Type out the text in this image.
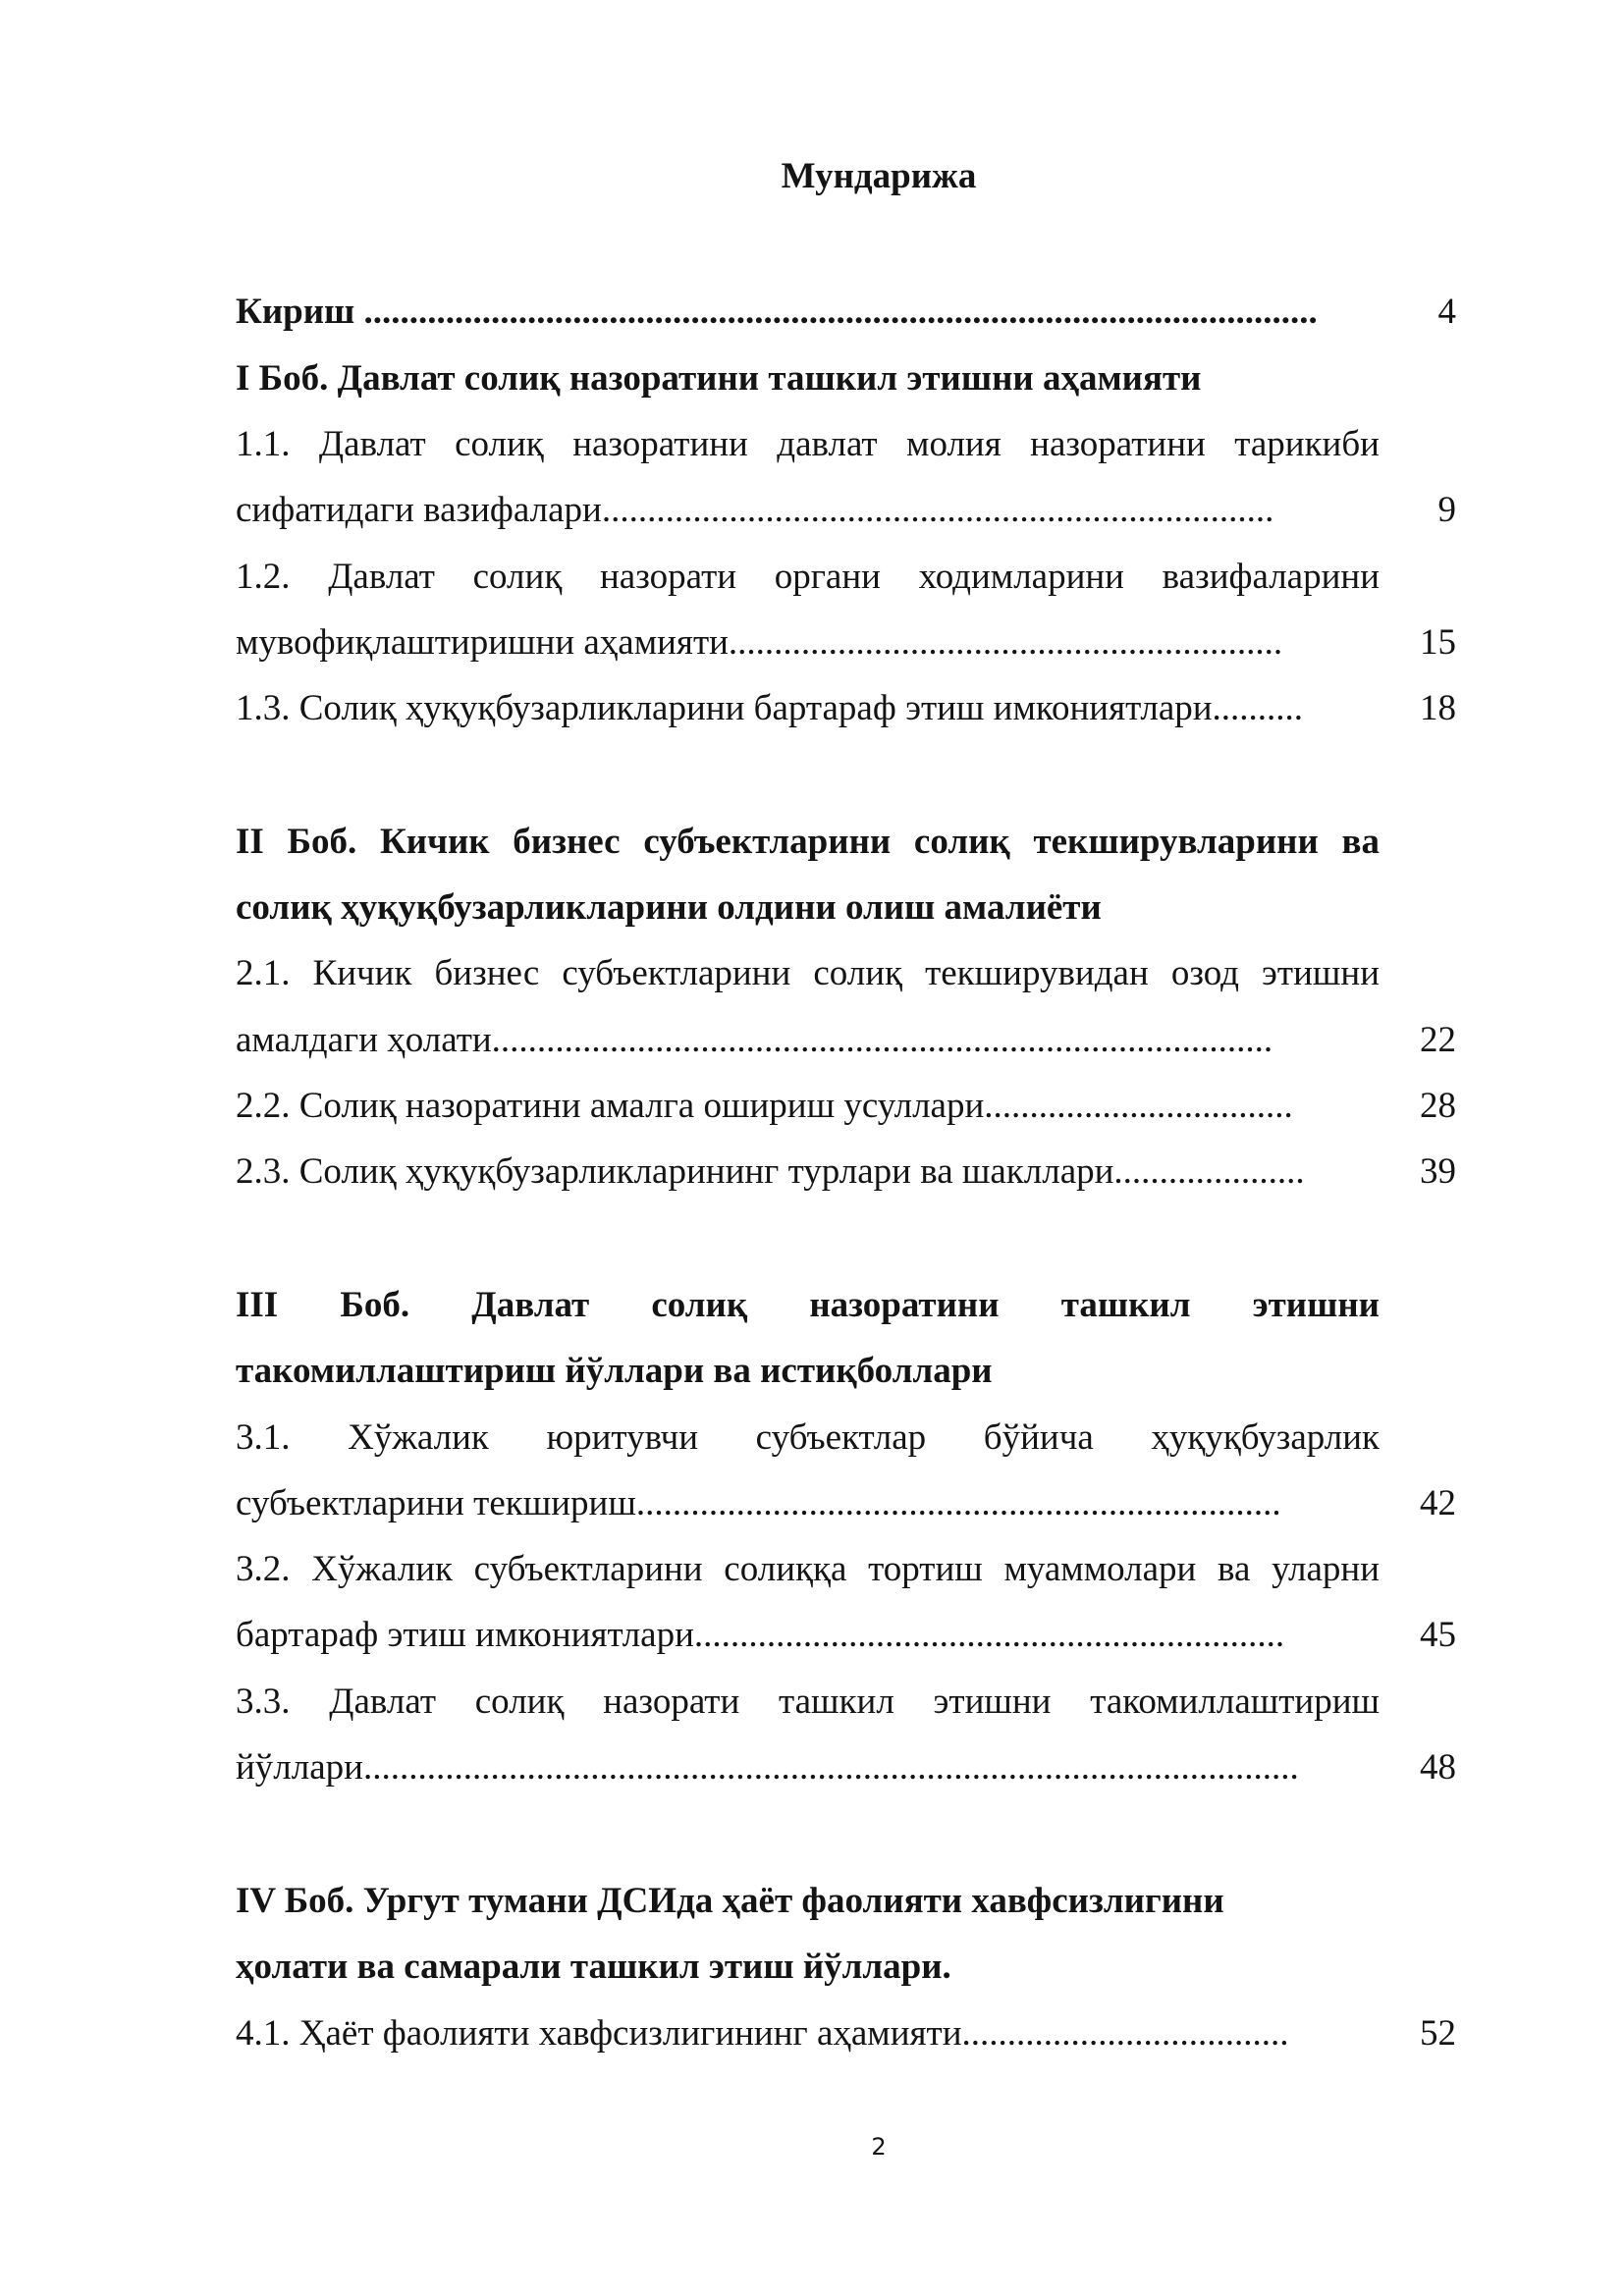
Мундарижа
Кириш .........................................................................................................	4
I Боб. Давлат солиқ назоратини ташкил этишни аҳамияти
1.1. Давлат солиқ назоратини давлат молия назоратини тарикиби
сифатидаги вазифалари..........................................................................	9
1.2. Давлат солиқ назорати органи ходимларини вазифаларини
мувофиқлаштиришни аҳамияти.............................................................	15
1.3. Солиқ ҳуқуқбузарликларини бартараф этиш имкониятлари..........	18
II Боб. Кичик бизнес субъектларини солиқ текширувларини ва
солиқ ҳуқуқбузарликларини олдини олиш амалиёти
2.1. Кичик бизнес субъектларини солиқ текширувидан озод этишни
амалдаги ҳолати......................................................................................	22
2.2. Солиқ назоратини амалга ошириш усуллари..................................	28
2.3. Солиқ ҳуқуқбузарликларининг турлари ва шакллари.....................	39
III Боб. Давлат солиқ назоратини ташкил этишни
такомиллаштириш йўллари ва истиқболлари
3.1. Хўжалик юритувчи субъектлар бўйича ҳуқуқбузарлик
субъектларини текшириш.......................................................................	42
3.2. Хўжалик субъектларини солиққа тортиш муаммолари ва уларни
бартараф этиш имкониятлари.................................................................	45
3.3. Давлат солиқ назорати ташкил этишни такомиллаштириш
йўллари.......................................................................................................	48
IV Боб. Ургут тумани ДСИда ҳаёт фаолияти хавфсизлигини
ҳолати ва самарали ташкил этиш йўллари.
4.1. Ҳаёт фаолияти хавфсизлигининг аҳамияти....................................	52
2
